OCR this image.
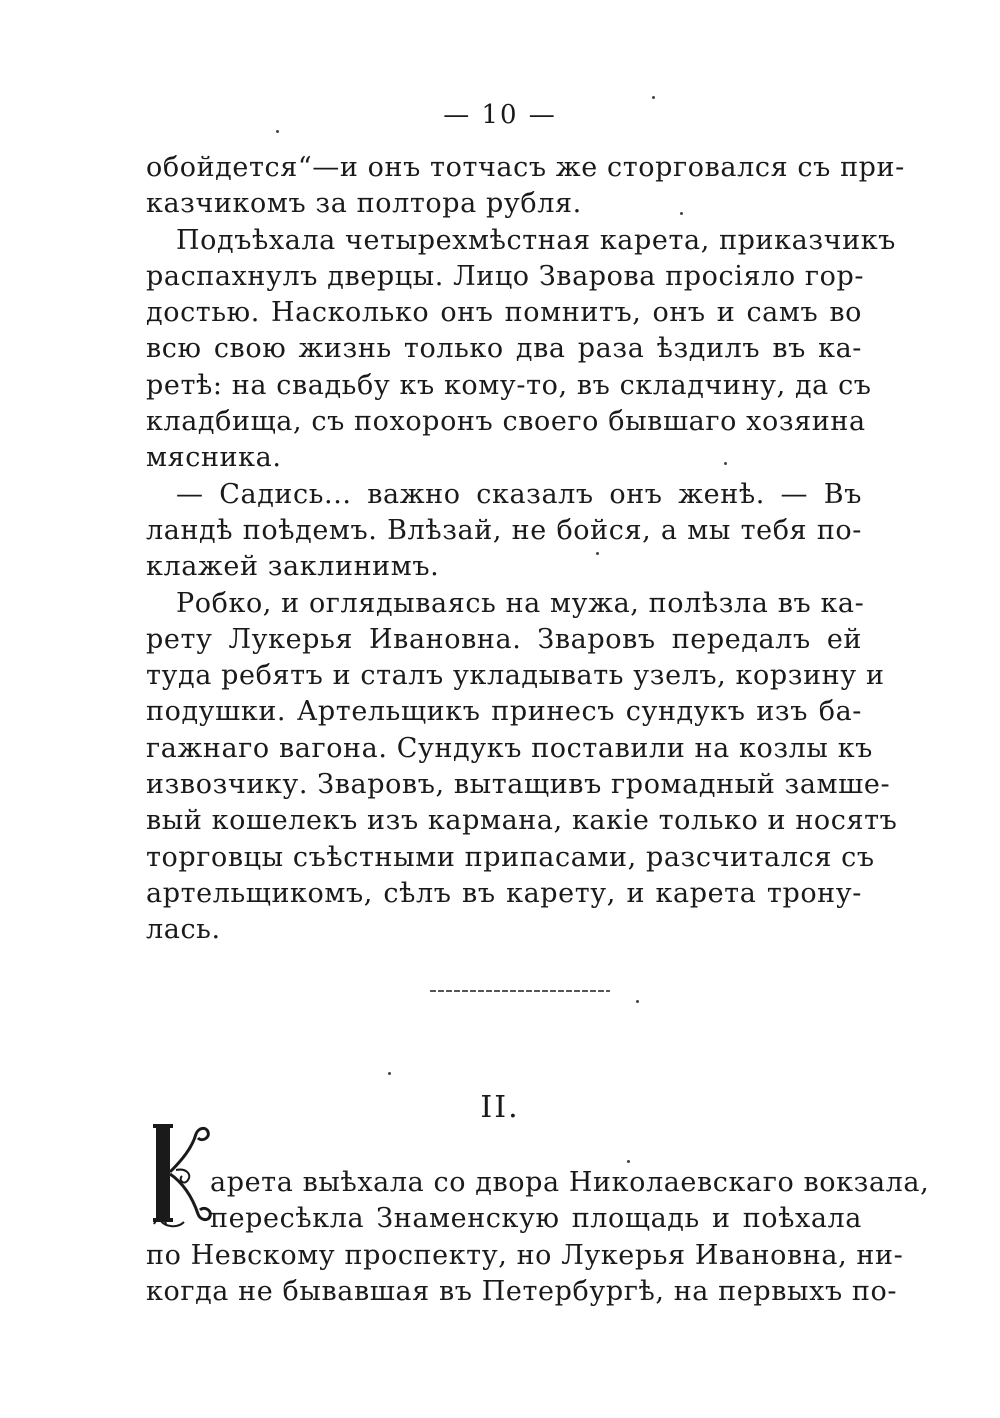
— 10 —
обойдется“—и онъ тотчасъ же сторговался съ при-
казчикомъ за полтора рубля.
Подъѣхала четырехмѣстная карета, приказчикъ
распахнулъ дверцы. Лицо Зварова просіяло гор-
достью. Насколько онъ помнитъ, онъ и самъ во
всю свою жизнь только два раза ѣздилъ въ ка-
ретѣ: на свадьбу къ кому-то, въ складчину, да съ
кладбища, съ похоронъ своего бывшаго хозяина
мясника.
— Садись... важно сказалъ онъ женѣ. — Въ
ландѣ поѣдемъ. Влѣзай, не бойся, а мы тебя по-
клажей заклинимъ.
Робко, и оглядываясь на мужа, полѣзла въ ка-
рету Лукерья Ивановна. Зваровъ передалъ ей
туда ребятъ и сталъ укладывать узелъ, корзину и
подушки. Артельщикъ принесъ сундукъ изъ ба-
гажнаго вагона. Сундукъ поставили на козлы къ
извозчику. Зваровъ, вытащивъ громадный замше-
вый кошелекъ изъ кармана, какіе только и носятъ
торговцы съѣстными припасами, разсчитался съ
артельщикомъ, сѣлъ въ карету, и карета трону-
лась.
II.
арета выѣхала со двора Николаевскаго вокзала,
пересѣкла Знаменскую площадь и поѣхала
по Невскому проспекту, но Лукерья Ивановна, ни-
когда не бывавшая въ Петербургѣ, на первыхъ по-
